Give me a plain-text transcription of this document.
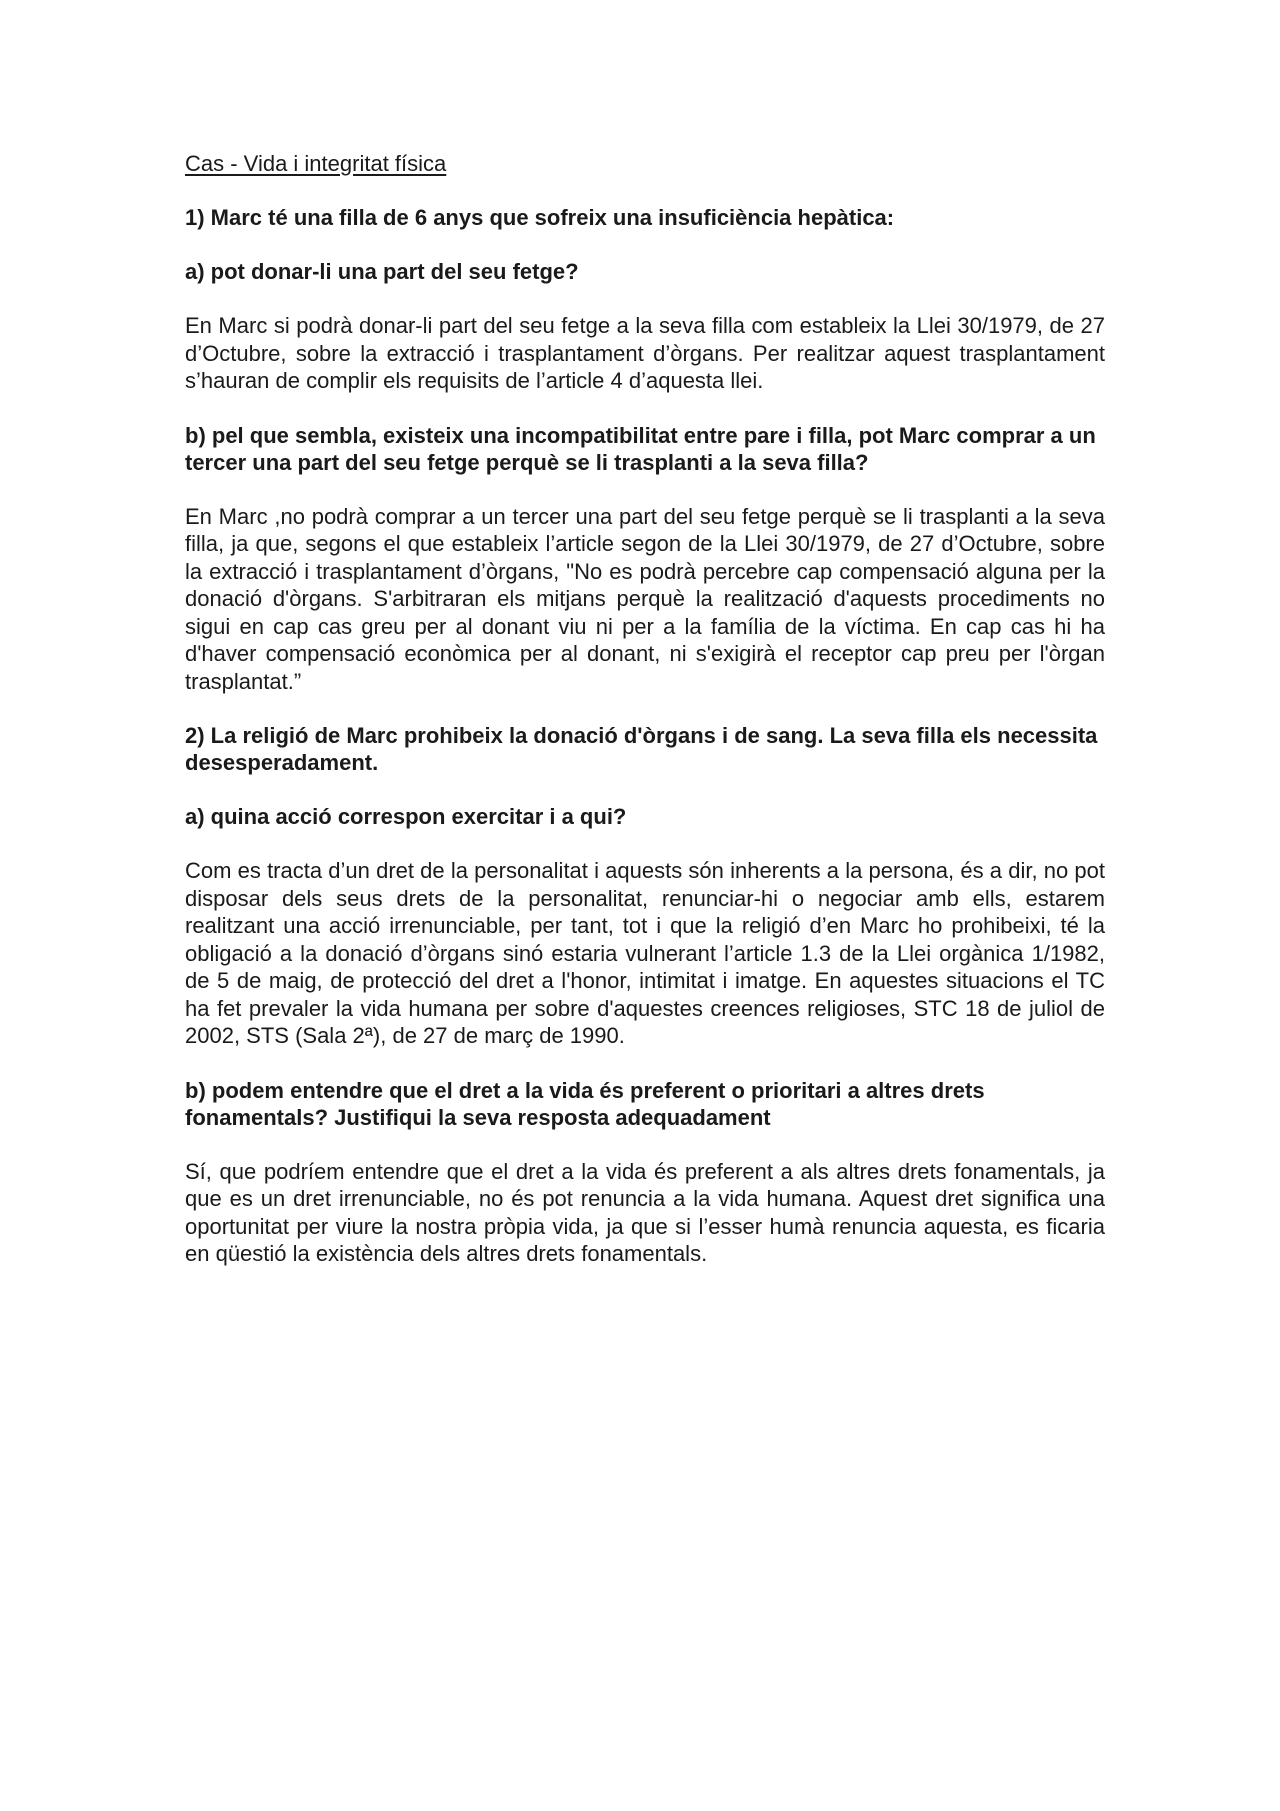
Cas - Vida i integritat física

1) Marc té una filla de 6 anys que sofreix una insuficiència hepàtica:

a) pot donar-li una part del seu fetge?

En Marc si podrà donar-li part del seu fetge a la seva filla com estableix la Llei 30/1979, de 27 d’Octubre, sobre la extracció i trasplantament d’òrgans. Per realitzar aquest trasplantament s’hauran de complir els requisits de l’article 4 d’aquesta llei.

b) pel que sembla, existeix una incompatibilitat entre pare i filla, pot Marc comprar a un tercer una part del seu fetge perquè se li trasplanti a la seva filla?

En Marc ,no podrà comprar a un tercer una part del seu fetge perquè se li trasplanti a la seva filla, ja que, segons el que estableix l’article segon de la Llei 30/1979, de 27 d’Octubre, sobre la extracció i trasplantament d’òrgans, "No es podrà percebre cap compensació alguna per la donació d'òrgans. S'arbitraran els mitjans perquè la realització d'aquests procediments no sigui en cap cas greu per al donant viu ni per a la família de la víctima. En cap cas hi ha d'haver compensació econòmica per al donant, ni s'exigirà el receptor cap preu per l'òrgan trasplantat.”

2) La religió de Marc prohibeix la donació d'òrgans i de sang. La seva filla els necessita desesperadament.

a) quina acció correspon exercitar i a qui?

Com es tracta d’un dret de la personalitat i aquests són inherents a la persona, és a dir, no pot disposar dels seus drets de la personalitat, renunciar-hi o negociar amb ells, estarem realitzant una acció irrenunciable, per tant, tot i que la religió d’en Marc ho prohibeixi, té la obligació a la donació d’òrgans sinó estaria vulnerant l’article 1.3 de la Llei orgànica 1/1982, de 5 de maig, de protecció del dret a l'honor, intimitat i imatge. En aquestes situacions el TC ha fet prevaler la vida humana per sobre d'aquestes creences religioses, STC 18 de juliol de 2002, STS (Sala 2ª), de 27 de març de 1990.

b) podem entendre que el dret a la vida és preferent o prioritari a altres drets fonamentals? Justifiqui la seva resposta adequadament

Sí, que podríem entendre que el dret a la vida és preferent a als altres drets fonamentals, ja que es un dret irrenunciable, no és pot renuncia a la vida humana. Aquest dret significa una oportunitat per viure la nostra pròpia vida, ja que si l’esser humà renuncia aquesta, es ficaria en qüestió la existència dels altres drets fonamentals.
